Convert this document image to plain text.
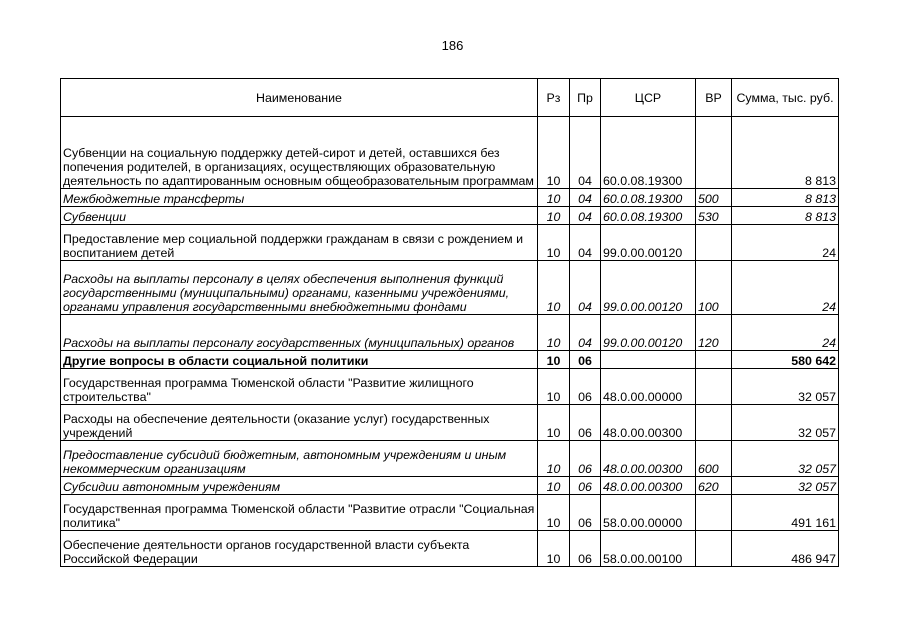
186
Наименование	Рз	Пр	ЦСР	ВР	Сумма, тыс. руб.
Субвенции на социальную поддержку детей-сирот и детей, оставшихся без попечения родителей, в организациях, осуществляющих образовательную деятельность по адаптированным основным общеобразовательным программам	10	04	60.0.08.19300		8 813
Межбюджетные трансферты	10	04	60.0.08.19300	500	8 813
Субвенции	10	04	60.0.08.19300	530	8 813
Предоставление мер социальной поддержки гражданам в связи с рождением и воспитанием детей	10	04	99.0.00.00120		24
Расходы на выплаты персоналу в целях обеспечения выполнения функций государственными (муниципальными) органами, казенными учреждениями, органами управления государственными внебюджетными фондами	10	04	99.0.00.00120	100	24
Расходы на выплаты персоналу государственных (муниципальных) органов	10	04	99.0.00.00120	120	24
Другие вопросы в области социальной политики	10	06			580 642
Государственная программа Тюменской области "Развитие жилищного строительства"	10	06	48.0.00.00000		32 057
Расходы на обеспечение деятельности (оказание услуг) государственных учреждений	10	06	48.0.00.00300		32 057
Предоставление субсидий бюджетным, автономным учреждениям и иным некоммерческим организациям	10	06	48.0.00.00300	600	32 057
Субсидии автономным учреждениям	10	06	48.0.00.00300	620	32 057
Государственная программа Тюменской области "Развитие отрасли "Социальная политика"	10	06	58.0.00.00000		491 161
Обеспечение деятельности органов государственной власти субъекта Российской Федерации	10	06	58.0.00.00100		486 947
